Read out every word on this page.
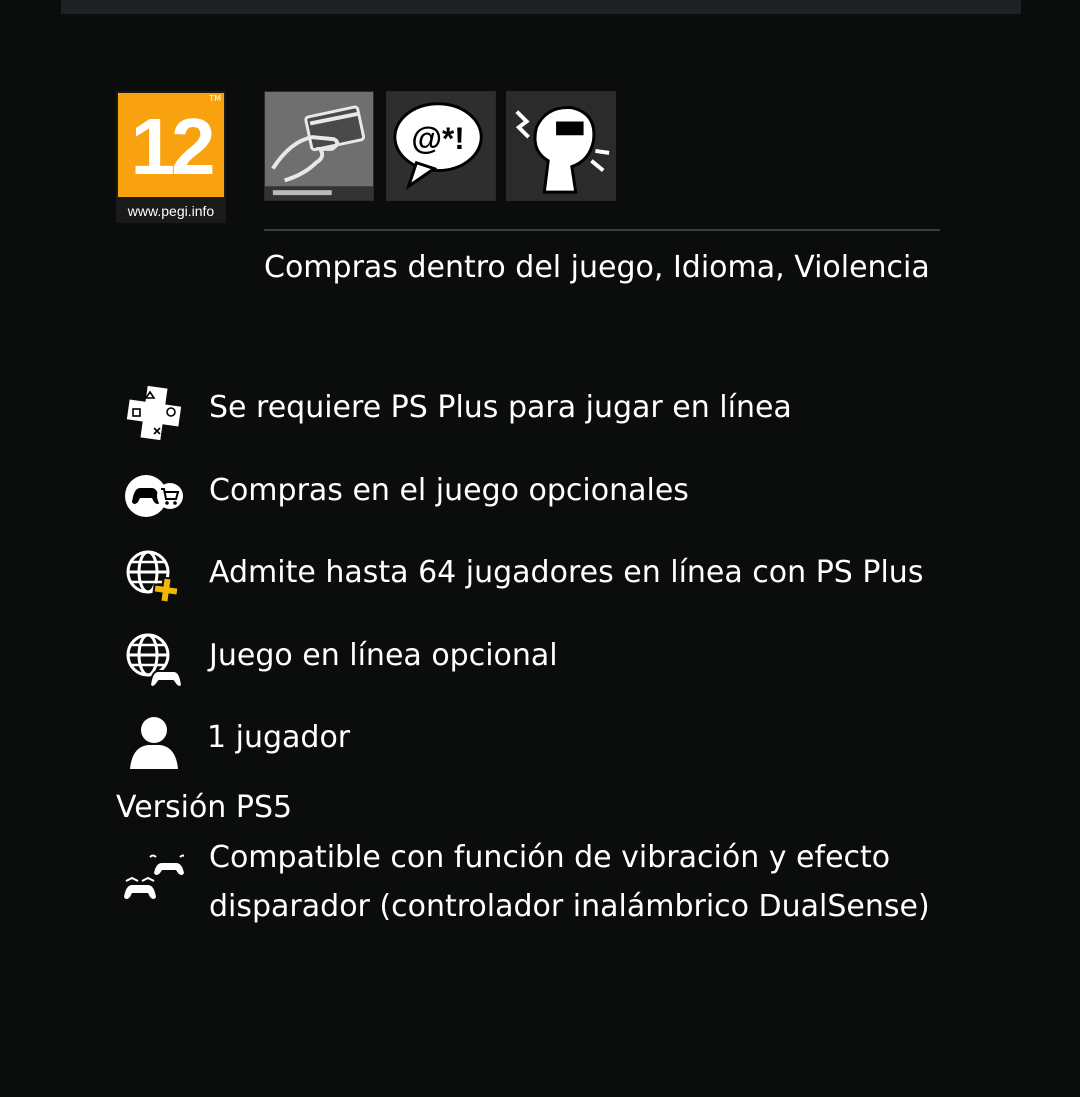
12
TM
www.pegi.info
@*!
Compras dentro del juego, Idioma, Violencia
Se requiere PS Plus para jugar en línea
Compras en el juego opcionales
Admite hasta 64 jugadores en línea con PS Plus
Juego en línea opcional
1 jugador
Versión PS5
Compatible con función de vibración y efecto disparador (controlador inalámbrico DualSense)
